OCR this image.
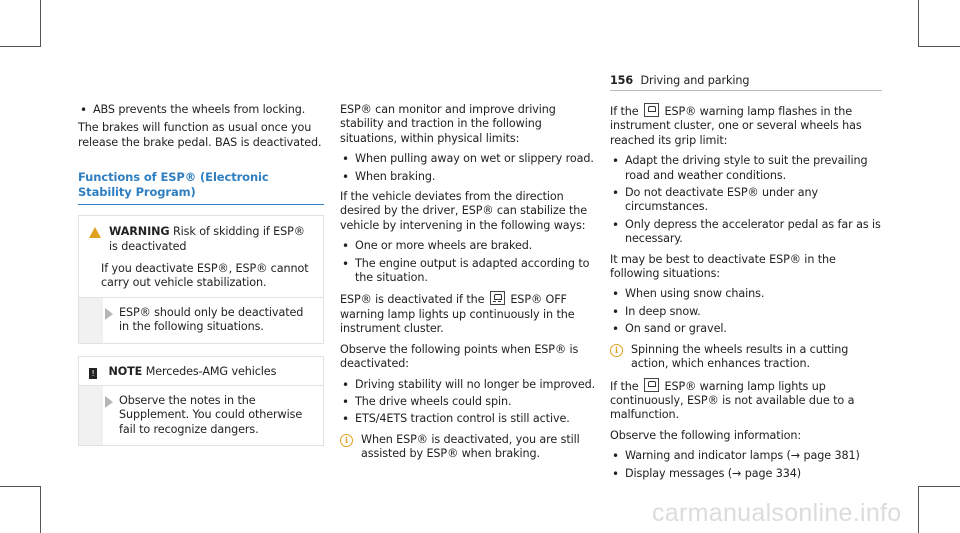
156 Driving and parking
• ABS prevents the wheels from locking.

The brakes will function as usual once you release the brake pedal. BAS is deactivated.

Functions of ESP® (Electronic Stability Program)
WARNING Risk of skidding if ESP® is deactivated

If you deactivate ESP®, ESP® cannot carry out vehicle stabilization.

ESP® should only be deactivated in the following situations.
! NOTE Mercedes-AMG vehicles
Observe the notes in the Supplement. You could otherwise fail to recognize dangers.

ESP® can monitor and improve driving stability and traction in the following situations, within physical limits:

• When pulling away on wet or slippery road.
• When braking.

If the vehicle deviates from the direction desired by the driver, ESP® can stabilize the vehicle by intervening in the following ways:

• One or more wheels are braked.
• The engine output is adapted according to the situation.

ESP® is deactivated if the ESP® OFF warning lamp lights up continuously in the instrument cluster.

Observe the following points when ESP® is deactivated:

• Driving stability will no longer be improved.
• The drive wheels could spin.
• ETS/4ETS traction control is still active.
i	When ESP® is deactivated, you are still assisted by ESP® when braking.

If the ESP® warning lamp flashes in the instrument cluster, one or several wheels has reached its grip limit:

• Adapt the driving style to suit the prevailing road and weather conditions.
• Do not deactivate ESP® under any circumstances.
• Only depress the accelerator pedal as far as is necessary.

It may be best to deactivate ESP® in the following situations:

• When using snow chains.
• In deep snow.
• On sand or gravel.
i	Spinning the wheels results in a cutting action, which enhances traction.

If the ESP® warning lamp lights up continuously, ESP® is not available due to a malfunction.

Observe the following information:

• Warning and indicator lamps (→ page 381)
• Display messages (→ page 334)
carmanualsonline.info
